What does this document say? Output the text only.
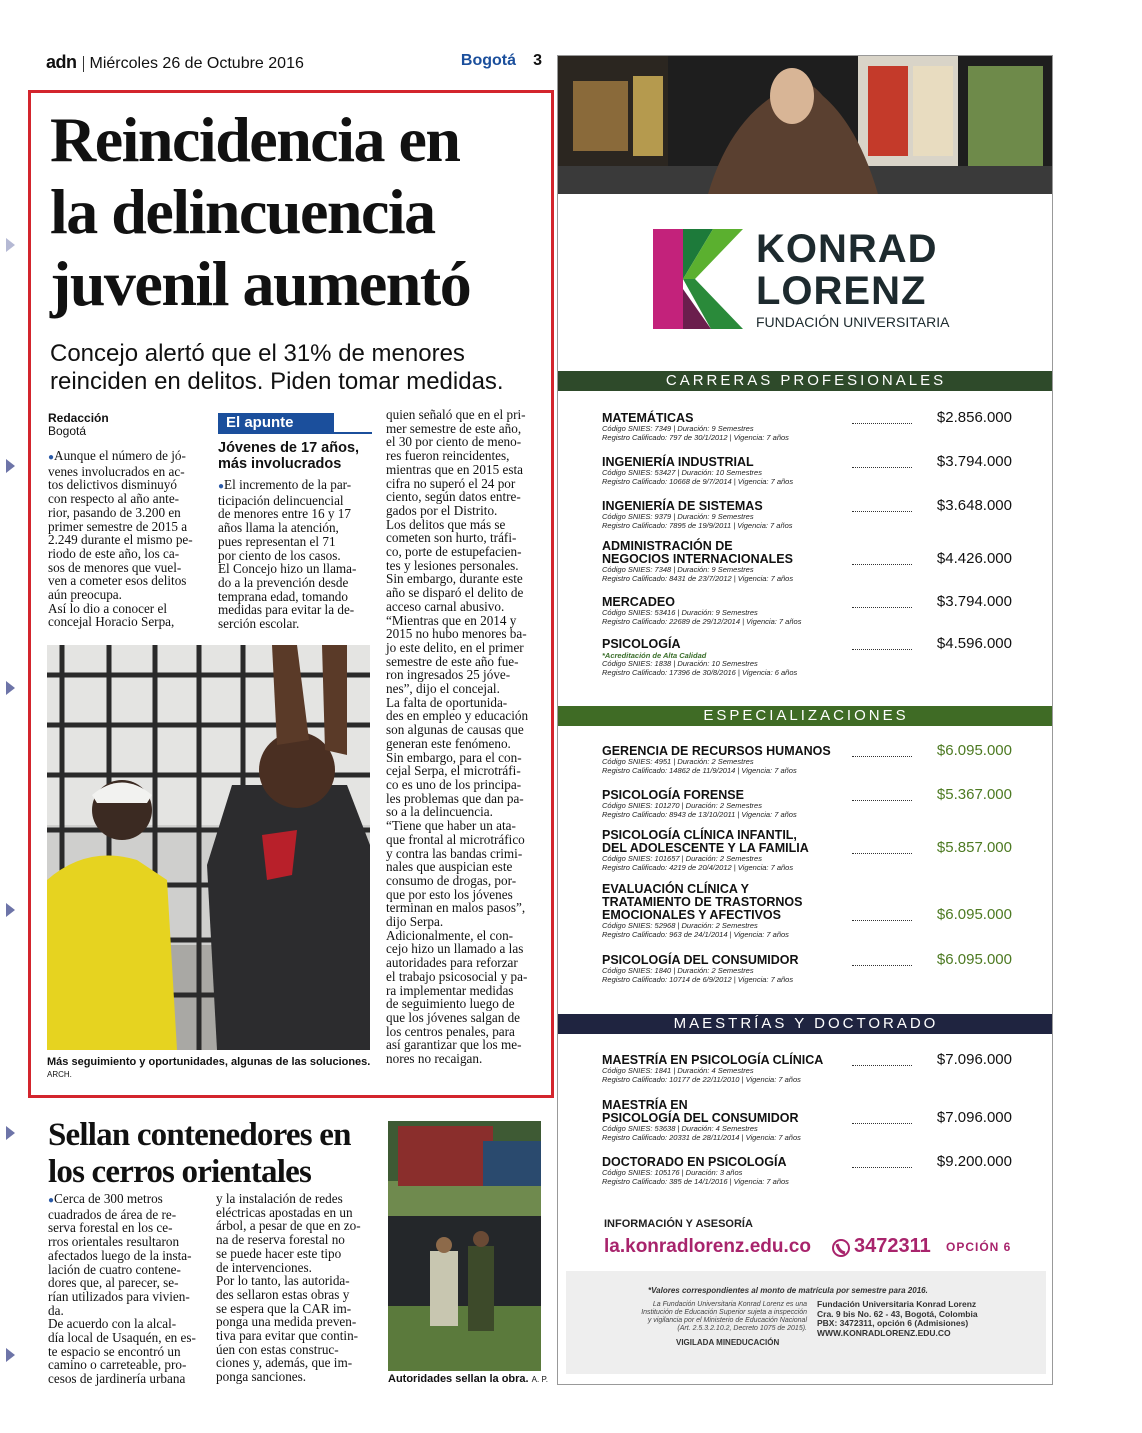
adn Miércoles 26 de Octubre 2016	Bogotá 3
Reincidencia en
la delincuencia
juvenil aumentó
Concejo alertó que el 31% de menores
reinciden en delitos. Piden tomar medidas.
Redacción
Bogotá

● Aunque el número de jó-

venes involucrados en ac-

tos delictivos disminuyó

con respecto al año ante-

rior, pasando de 3.200 en

primer semestre de 2015 a

2.249 durante el mismo pe-

riodo de este año, los ca-

sos de menores que vuel-

ven a cometer esos delitos

aún preocupa.

Así lo dio a conocer el

concejal Horacio Serpa,

El apunte
Jóvenes de 17 años,
más involucrados

● El incremento de la par-

ticipación delincuencial

de menores entre 16 y 17

años llama la atención,

pues representan el 71

por ciento de los casos.

El Concejo hizo un llama-

do a la prevención desde

temprana edad, tomando

medidas para evitar la de-

serción escolar.

quien señaló que en el pri-

mer semestre de este año,

el 30 por ciento de meno-

res fueron reincidentes,

mientras que en 2015 esta

cifra no superó el 24 por

ciento, según datos entre-

gados por el Distrito.

Los delitos que más se

cometen son hurto, tráfi-

co, porte de estupefacien-

tes y lesiones personales.

Sin embargo, durante este

año se disparó el delito de

acceso carnal abusivo.

“Mientras que en 2014 y

2015 no hubo menores ba-

jo este delito, en el primer

semestre de este año fue-

ron ingresados 25 jóve-

nes”, dijo el concejal.

La falta de oportunida-

des en empleo y educación

son algunas de causas que

generan este fenómeno.

Sin embargo, para el con-

cejal Serpa, el microtráfi-

co es uno de los principa-

les problemas que dan pa-

so a la delincuencia.

“Tiene que haber un ata-

que frontal al microtráfico

y contra las bandas crimi-

nales que auspician este

consumo de drogas, por-

que por esto los jóvenes

terminan en malos pasos”,

dijo Serpa.

Adicionalmente, el con-

cejo hizo un llamado a las

autoridades para reforzar

el trabajo psicosocial y pa-

ra implementar medidas

de seguimiento luego de

que los jóvenes salgan de

los centros penales, para

así garantizar que los me-

nores no recaigan.

Más seguimiento y oportunidades, algunas de las soluciones. ARCH.
Sellan contenedores en
los cerros orientales

● Cerca de 300 metros

cuadrados de área de re-

serva forestal en los ce-

rros orientales resultaron

afectados luego de la insta-

lación de cuatro contene-

dores que, al parecer, se-

rían utilizados para vivien-

da.

De acuerdo con la alcal-

día local de Usaquén, en es-

te espacio se encontró un

camino o carreteable, pro-

cesos de jardinería urbana

y la instalación de redes

eléctricas apostadas en un

árbol, a pesar de que en zo-

na de reserva forestal no

se puede hacer este tipo

de intervenciones.

Por lo tanto, las autorida-

des sellaron estas obras y

se espera que la CAR im-

ponga una medida preven-

tiva para evitar que contin-

úen con estas construc-

ciones y, además, que im-

ponga sanciones.	Autoridades sellan la obra. A. P.
KONRAD
LORENZ
FUNDACIÓN UNIVERSITARIA
CARRERAS PROFESIONALES
MATEMÁTICAS
Código SNIES: 7349 | Duración: 9 Semestres
Registro Calificado: 797 de 30/1/2012 | Vigencia: 7 años
$2.856.000
INGENIERÍA INDUSTRIAL
Código SNIES: 53427 | Duración: 10 Semestres
Registro Calificado: 10668 de 9/7/2014 | Vigencia: 7 años
$3.794.000
INGENIERÍA DE SISTEMAS
Código SNIES: 9379 | Duración: 9 Semestres
Registro Calificado: 7895 de 19/9/2011 | Vigencia: 7 años
$3.648.000
ADMINISTRACIÓN DE
NEGOCIOS INTERNACIONALES
Código SNIES: 7348 | Duración: 9 Semestres
Registro Calificado: 8431 de 23/7/2012 | Vigencia: 7 años
$4.426.000
MERCADEO
Código SNIES: 53416 | Duración: 9 Semestres
Registro Calificado: 22689 de 29/12/2014 | Vigencia: 7 años
$3.794.000
PSICOLOGÍA
*Acreditación de Alta Calidad
Código SNIES: 1838 | Duración: 10 Semestres
Registro Calificado: 17396 de 30/8/2016 | Vigencia: 6 años
$4.596.000
ESPECIALIZACIONES
GERENCIA DE RECURSOS HUMANOS
Código SNIES: 4951 | Duración: 2 Semestres
Registro Calificado: 14862 de 11/9/2014 | Vigencia: 7 años
$6.095.000
PSICOLOGÍA FORENSE
Código SNIES: 101270 | Duración: 2 Semestres
Registro Calificado: 8943 de 13/10/2011 | Vigencia: 7 años
$5.367.000
PSICOLOGÍA CLÍNICA INFANTIL,
DEL ADOLESCENTE Y LA FAMILIA
Código SNIES: 101657 | Duración: 2 Semestres
Registro Calificado: 4219 de 20/4/2012 | Vigencia: 7 años
$5.857.000
EVALUACIÓN CLÍNICA Y
TRATAMIENTO DE TRASTORNOS
EMOCIONALES Y AFECTIVOS
Código SNIES: 52968 | Duración: 2 Semestres
Registro Calificado: 963 de 24/1/2014 | Vigencia: 7 años
$6.095.000
PSICOLOGÍA DEL CONSUMIDOR
Código SNIES: 1840 | Duración: 2 Semestres
Registro Calificado: 10714 de 6/9/2012 | Vigencia: 7 años
$6.095.000
MAESTRÍAS Y DOCTORADO
MAESTRÍA EN PSICOLOGÍA CLÍNICA
Código SNIES: 1841 | Duración: 4 Semestres
Registro Calificado: 10177 de 22/11/2010 | Vigencia: 7 años
$7.096.000
MAESTRÍA EN
PSICOLOGÍA DEL CONSUMIDOR
Código SNIES: 53638 | Duración: 4 Semestres
Registro Calificado: 20331 de 28/11/2014 | Vigencia: 7 años
$7.096.000
DOCTORADO EN PSICOLOGÍA
Código SNIES: 105176 | Duración: 3 años
Registro Calificado: 385 de 14/1/2016 | Vigencia: 7 años
$9.200.000
INFORMACIÓN Y ASESORÍA
la.konradlorenz.edu.co 3472311 OPCIÓN 6
*Valores correspondientes al monto de matrícula por semestre para 2016.
La Fundación Universitaria Konrad Lorenz es una
Institución de Educación Superior sujeta a inspección
y vigilancia por el Ministerio de Educación Nacional
(Art. 2.5.3.2.10.2, Decreto 1075 de 2015).
VIGILADA MINEDUCACIÓN
Fundación Universitaria Konrad Lorenz
Cra. 9 bis No. 62 - 43, Bogotá, Colombia
PBX: 3472311, opción 6 (Admisiones)
WWW.KONRADLORENZ.EDU.CO
